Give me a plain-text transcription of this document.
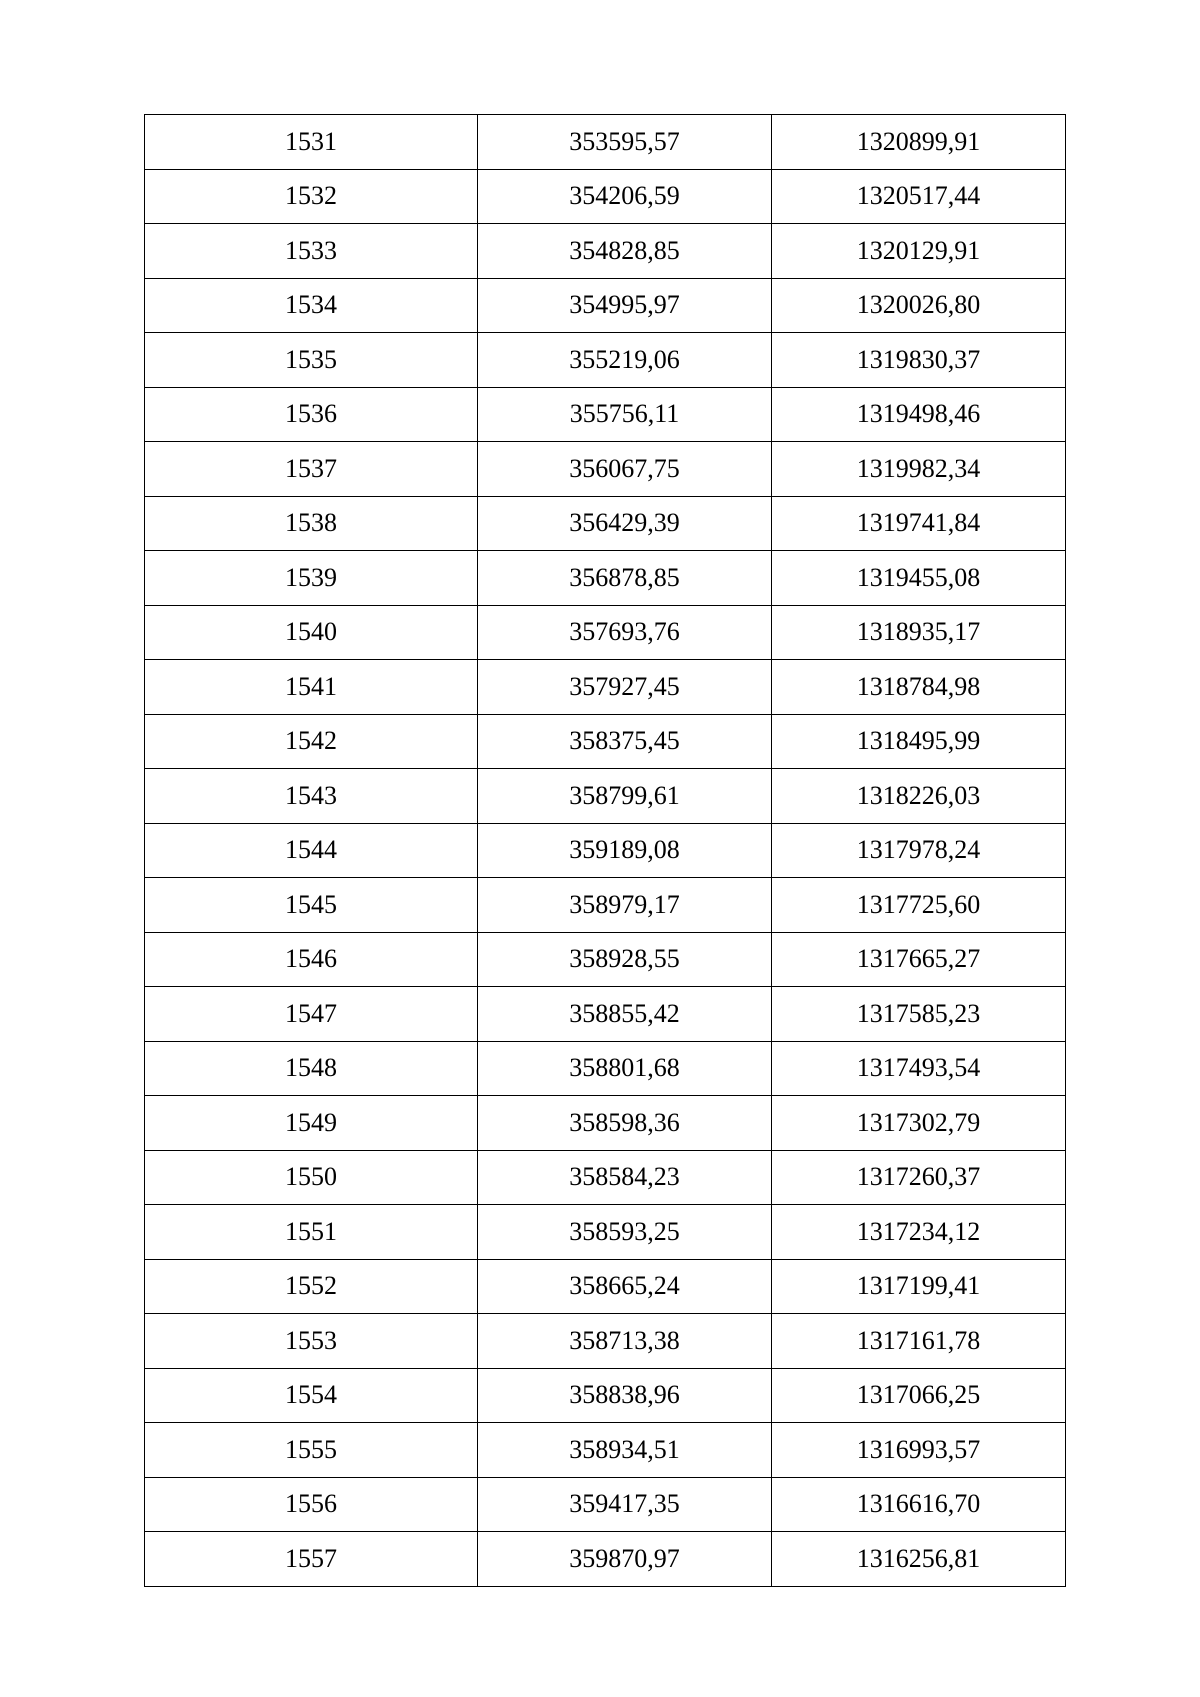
1531	353595,57	1320899,91
1532	354206,59	1320517,44
1533	354828,85	1320129,91
1534	354995,97	1320026,80
1535	355219,06	1319830,37
1536	355756,11	1319498,46
1537	356067,75	1319982,34
1538	356429,39	1319741,84
1539	356878,85	1319455,08
1540	357693,76	1318935,17
1541	357927,45	1318784,98
1542	358375,45	1318495,99
1543	358799,61	1318226,03
1544	359189,08	1317978,24
1545	358979,17	1317725,60
1546	358928,55	1317665,27
1547	358855,42	1317585,23
1548	358801,68	1317493,54
1549	358598,36	1317302,79
1550	358584,23	1317260,37
1551	358593,25	1317234,12
1552	358665,24	1317199,41
1553	358713,38	1317161,78
1554	358838,96	1317066,25
1555	358934,51	1316993,57
1556	359417,35	1316616,70
1557	359870,97	1316256,81
